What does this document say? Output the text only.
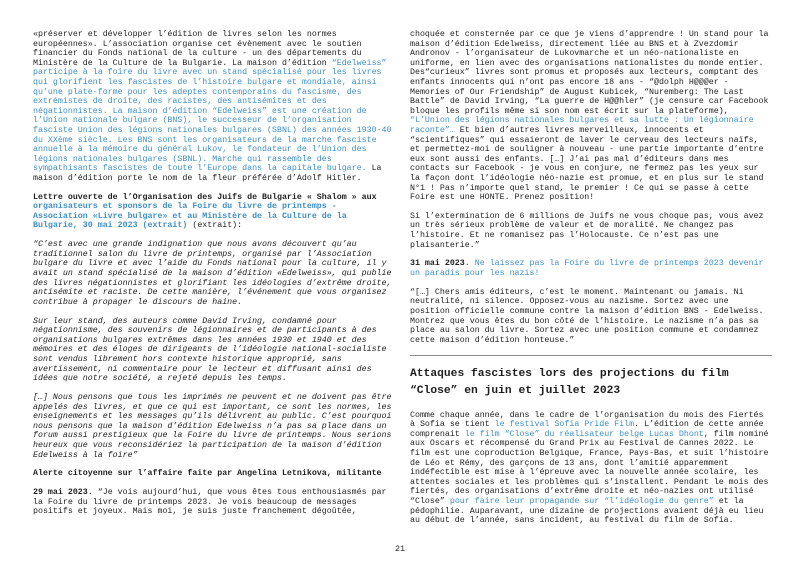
«préserver et développer l’édition de livres selon les normes européennes». L’association organise cet évènement avec le soutien financier du Fonds national de la culture - un des départements du Ministère de la Culture de la Bulgarie. La maison d’édition “Edelweiss” participe à la foire du livre avec un stand spécialisé pour les livres qui glorifient les fascistes de l’histoire bulgare et mondiale, ainsi qu’une plate-forme pour les adeptes contemporains du fascisme, des extrémistes de droite, des racistes, des antisémites et des négationnistes. La maison d’édition “Edelweiss” est une création de l’Union nationale bulgare (BNS), le successeur de l’organisation fasciste Union des légions nationales bulgares (SBNL) des années 1930-40 du XXème siècle. Les BNS sont les organisateurs de la marche fasciste annuelle à la mémoire du général Lukov, le fondateur de l’Union des légions nationales bulgares (SBNL). Marche qui rassemble des sympathisants fascistes de toute l’Europe dans la capitale bulgare. La maison d’édition porte le nom de la fleur préférée d’Adolf Hitler.

Lettre ouverte de l’Organisation des Juifs de Bulgarie « Shalom » aux organisateurs et sponsors de la Foire du livre de printemps - Association «Livre bulgare» et au Ministère de la Culture de la Bulgarie, 30 mai 2023 (extrait) (extrait):

“C’est avec une grande indignation que nous avons découvert qu’au traditionnel salon du livre de printemps, organisé par l’Association bulgare du livre et avec l’aide du Fonds national pour la culture, il y avait un stand spécialisé de la maison d’édition «Edelweiss», qui publie des livres négationnistes et glorifiant les idéologies d’extrême droite, antisémite et raciste. De cette manière, l’événement que vous organisez contribue à propager le discours de haine.

Sur leur stand, des auteurs comme David Irving, condamné pour négationnisme, des souvenirs de légionnaires et de participants à des organisations bulgares extrêmes dans les années 1930 et 1940 et des mémoires et des éloges de dirigeants de l’idéologie national-socialiste sont vendus librement hors contexte historique approprié, sans avertissement, ni commentaire pour le lecteur et diffusant ainsi des idées que notre société, a rejeté depuis les temps.

[…] Nous pensons que tous les imprimés ne peuvent et ne doivent pas être appelés des livres, et que ce qui est important, ce sont les normes, les enseignements et les messages qu’ils délivrent au public. C’est pourquoi nous pensons que la maison d’édition Edelweiss n’a pas sa place dans un forum aussi prestigieux que la Foire du livre de printemps. Nous serions heureux que vous reconsidériez la participation de la maison d’édition Edelweiss à la foire”

Alerte citoyenne sur l’affaire faite par Angelina Letnikova, militante

29 mai 2023. “Je vois aujourd’hui, que vous êtes tous enthousiasmés par la Foire du livre de printemps 2023. Je vois beaucoup de messages positifs et joyeux. Mais moi, je suis juste franchement dégoûtée,

choquée et consternée par ce que je viens d’apprendre ! Un stand pour la maison d’édition Edelweiss, directement liée au BNS et à Zvezdomir Andronov - l’organisateur de Lukovmarche et un néo-nationaliste en uniforme, en lien avec des organisations nationalistes du monde entier. Des“curieux” livres sont promus et proposés aux lecteurs, comptant des enfants innocents qui n’ont pas encore 18 ans - “@dolph H@@@er - Memories of Our Friendship” de August Kubicek, “Nuremberg: The Last Battle” de David Irving, “La guerre de H@@hler” (je censure car Facebook bloque les profils même si son nom est écrit sur la plateforme), “L’Union des légions nationales bulgares et sa lutte : Un légionnaire raconte”… Et bien d’autres livres merveilleux, innocents et “scientifiques” qui essaieront de laver le cerveau des lecteurs naïfs, et permettez-moi de souligner à nouveau - une partie importante d’entre eux sont aussi des enfants. […] J’ai pas mal d’éditeurs dans mes contacts sur Facebook - je vous en conjure, ne fermez pas les yeux sur la façon dont l’idéologie néo-nazie est promue, et en plus sur le stand N°1 ! Pas n’importe quel stand, le premier ! Ce qui se passe à cette Foire est une HONTE. Prenez position!

Si l’extermination de 6 millions de Juifs ne vous choque pas, vous avez un très sérieux problème de valeur et de moralité. Ne changez pas l’histoire. Et ne romanisez pas l’Holocauste. Ce n’est pas une plaisanterie.”

31 mai 2023. Ne laissez pas la Foire du livre de printemps 2023 devenir un paradis pour les nazis!

“[…] Chers amis éditeurs, c’est le moment. Maintenant ou jamais. Ni neutralité, ni silence. Opposez-vous au nazisme. Sortez avec une position officielle commune contre la maison d’édition BNS - Edelweiss. Montrez que vous êtes du bon côté de l’histoire. Le nazisme n’a pas sa place au salon du livre. Sortez avec une position commune et condamnez cette maison d’édition honteuse.”

Attaques fascistes lors des projections du film “Close” en juin et juillet 2023

Comme chaque année, dans le cadre de l’organisation du mois des Fiertés à Sofia se tient le festival Sofia Pride Film. L’édition de cette année comprenait le film “Close” du réalisateur belge Lucas Dhont, film nominé aux Oscars et récompensé du Grand Prix au Festival de Cannes 2022. Le film est une coproduction Belgique, France, Pays-Bas, et suit l’histoire de Léo et Rémy, des garçons de 13 ans, dont l’amitié apparemment indéfectible est mise à l’épreuve avec la nouvelle année scolaire, les attentes sociales et les problèmes qui s’installent. Pendant le mois des fiertés, des organisations d’extrême droite et néo-nazies ont utilisé “Close” pour faire leur propagande sur “l’idéologie du genre” et la pédophilie. Auparavant, une dizaine de projections avaient déjà eu lieu au début de l’année, sans incident, au festival du film de Sofia.

21
